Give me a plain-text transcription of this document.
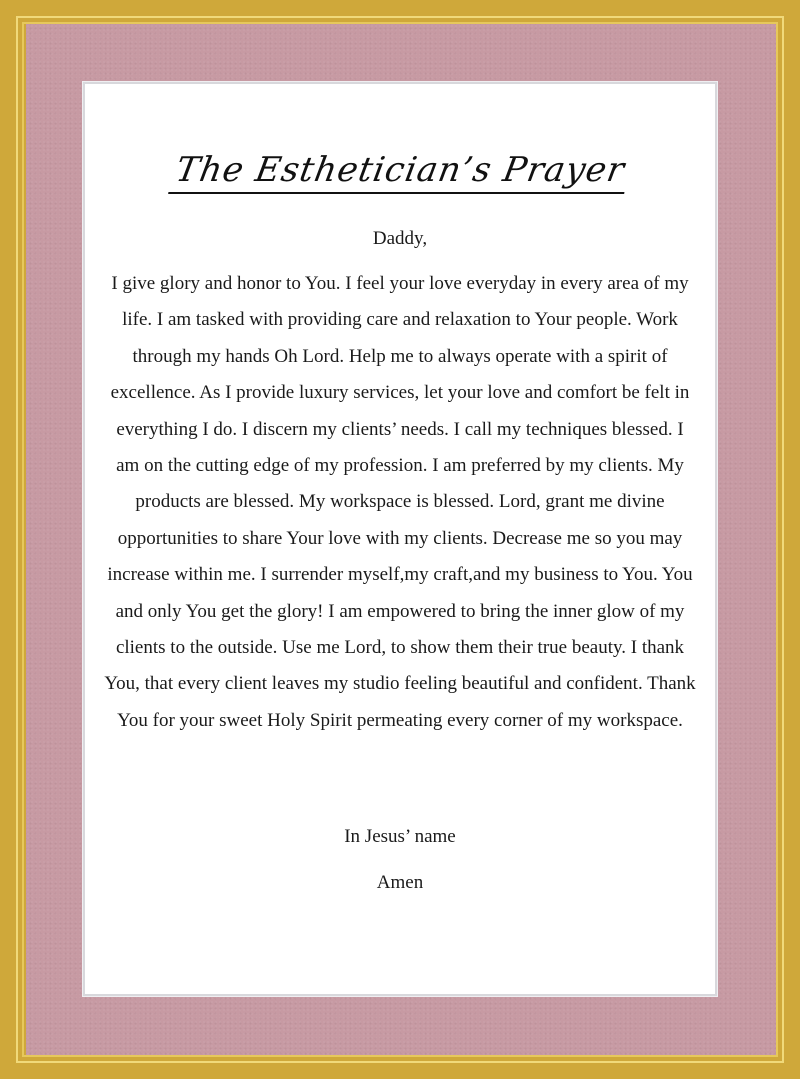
The Esthetician’s Prayer
Daddy,
I give glory and honor to You. I feel your love everyday in every area of my life. I am tasked with providing care and relaxation to Your people. Work through my hands Oh Lord. Help me to always operate with a spirit of excellence. As I provide luxury services, let your love and comfort be felt in everything I do. I discern my clients’ needs. I call my techniques blessed. I am on the cutting edge of my profession. I am preferred by my clients. My products are blessed. My workspace is blessed. Lord, grant me divine opportunities to share Your love with my clients. Decrease me so you may increase within me. I surrender myself,my craft,and my business to You. You and only You get the glory! I am empowered to bring the inner glow of my clients to the outside. Use me Lord, to show them their true beauty. I thank You, that every client leaves my studio feeling beautiful and confident. Thank You for your sweet Holy Spirit permeating every corner of my workspace.
In Jesus’ name
Amen
